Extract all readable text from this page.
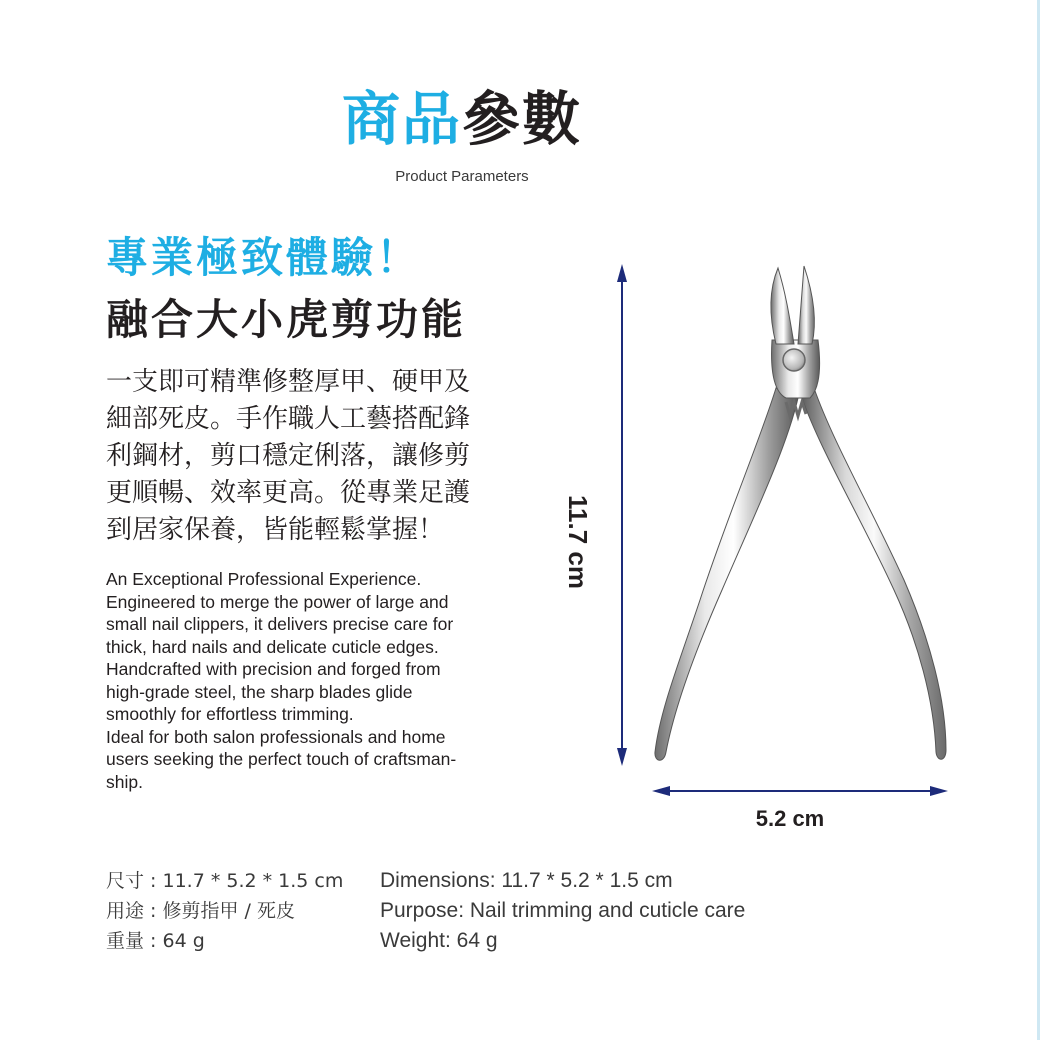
商品參數
Product Parameters
專業極致體驗！
融合大小虎剪功能
一支即可精準修整厚甲、硬甲及
細部死皮。手作職人工藝搭配鋒
利鋼材，剪口穩定俐落，讓修剪
更順暢、效率更高。從專業足護
到居家保養，皆能輕鬆掌握！
An Exceptional Professional Experience.
Engineered to merge the power of large and
small nail clippers, it delivers precise care for
thick, hard nails and delicate cuticle edges.
Handcrafted with precision and forged from
high-grade steel, the sharp blades glide
smoothly for effortless trimming.
Ideal for both salon professionals and home
users seeking the perfect touch of craftsman-
ship.
11.7 cm
5.2 cm
尺寸 : 11.7 * 5.2 * 1.5 cm
用途 : 修剪指甲 / 死皮
重量 : 64 g
Dimensions: 11.7 * 5.2 * 1.5 cm
Purpose: Nail trimming and cuticle care
Weight: 64 g
